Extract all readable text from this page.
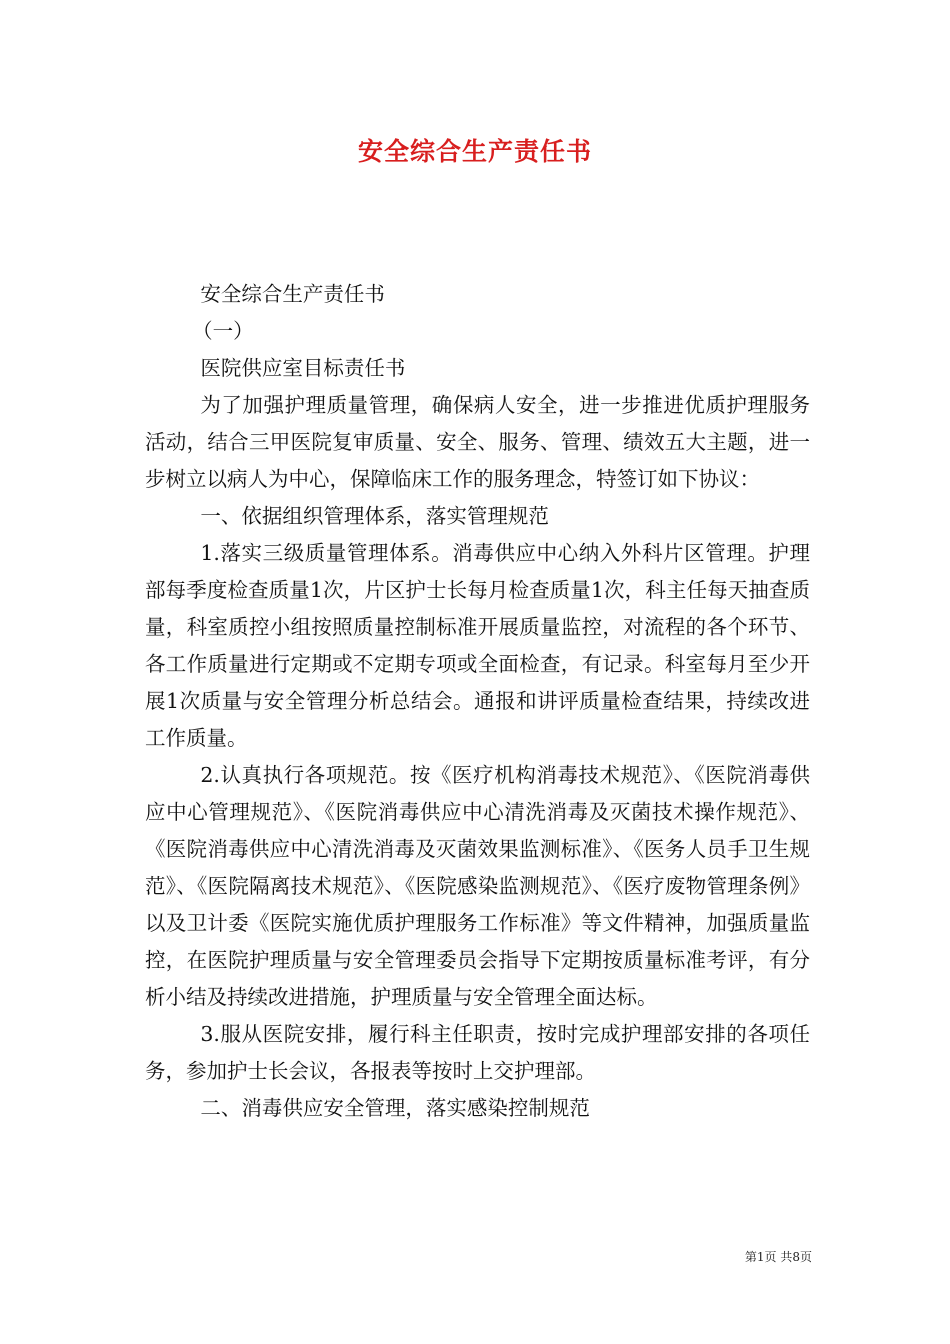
安全综合生产责任书

安全综合生产责任书

（一）

医院供应室目标责任书

为了加强护理质量管理，确保病人安全，进一步推进优质护理服务活动，结合三甲医院复审质量、安全、服务、管理、绩效五大主题，进一步树立以病人为中心，保障临床工作的服务理念，特签订如下协议：

一、依据组织管理体系，落实管理规范

1.落实三级质量管理体系。消毒供应中心纳入外科片区管理。护理部每季度检查质量1次，片区护士长每月检查质量1次，科主任每天抽查质量，科室质控小组按照质量控制标准开展质量监控，对流程的各个环节、各工作质量进行定期或不定期专项或全面检查，有记录。科室每月至少开展1次质量与安全管理分析总结会。通报和讲评质量检查结果，持续改进工作质量。

2.认真执行各项规范。按《医疗机构消毒技术规范》、《医院消毒供应中心管理规范》、《医院消毒供应中心清洗消毒及灭菌技术操作规范》、《医院消毒供应中心清洗消毒及灭菌效果监测标准》、《医务人员手卫生规范》、《医院隔离技术规范》、《医院感染监测规范》、《医疗废物管理条例》以及卫计委《医院实施优质护理服务工作标准》等文件精神，加强质量监控，在医院护理质量与安全管理委员会指导下定期按质量标准考评，有分析小结及持续改进措施，护理质量与安全管理全面达标。

3.服从医院安排，履行科主任职责，按时完成护理部安排的各项任务，参加护士长会议，各报表等按时上交护理部。

二、消毒供应安全管理，落实感染控制规范

第1页 共8页
